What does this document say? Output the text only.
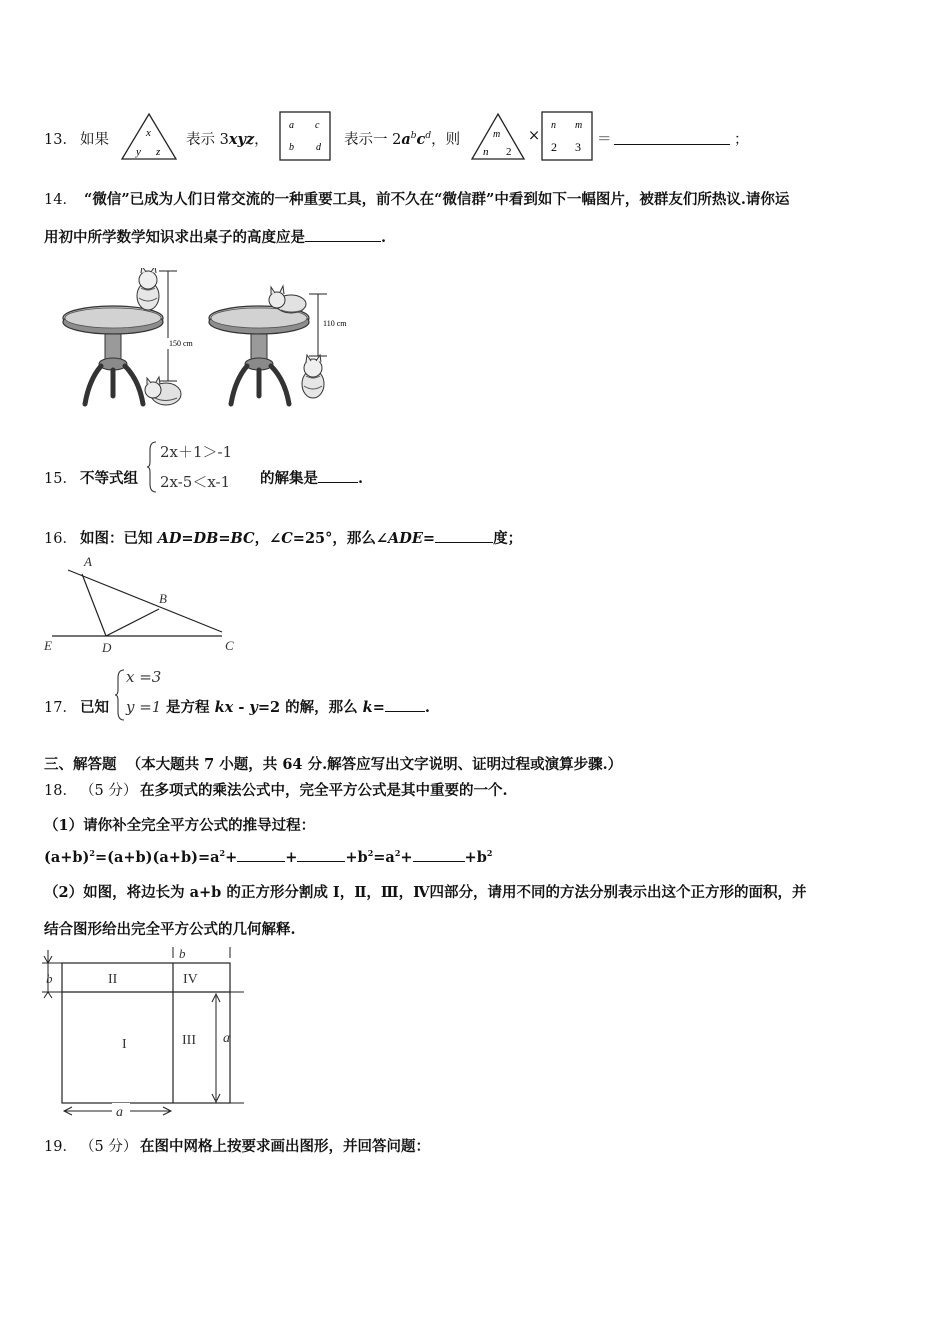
13． 如果	x
y z
表示 3xyz，
a c
b d 表示一 $2a^bc^d$，则	m
n 2
×
n m
2 3 ＝	；
14． “微信”已成为人们日常交流的一种重要工具，前不久在“微信群”中看到如下一幅图片，被群友们所热议.请你运
用初中所学数学知识求出桌子的高度应是	.
150 cm
110 cm
15． 不等式组
2x＋1＞-1
2x-5＜x-1 的解集是	.
16． 如图：已知 AD=DB=BC，∠C=25°，那么∠ADE=	度；
A
B
C
D
E
17． 已知
x =3
y =1 是方程 kx - y=2 的解，那么 k=	.
三、解答题 （本大题共 7 小题，共 64 分.解答应写出文字说明、证明过程或演算步骤.）
18． （5 分） 在多项式的乘法公式中，完全平方公式是其中重要的一个.
（1）请你补全完全平方公式的推导过程：
$(a+b)^2=(a+b)(a+b)=a^2+$	+	$+b^2=a^2+$	$+b^2$
（2）如图，将边长为 a+b 的正方形分割成 Ⅰ，Ⅱ，Ⅲ，Ⅳ四部分，请用不同的方法分别表示出这个正方形的面积，并
结合图形给出完全平方公式的几何解释.
II	IV
I	III
b
b
a
a
19． （5 分） 在图中网格上按要求画出图形，并回答问题：
